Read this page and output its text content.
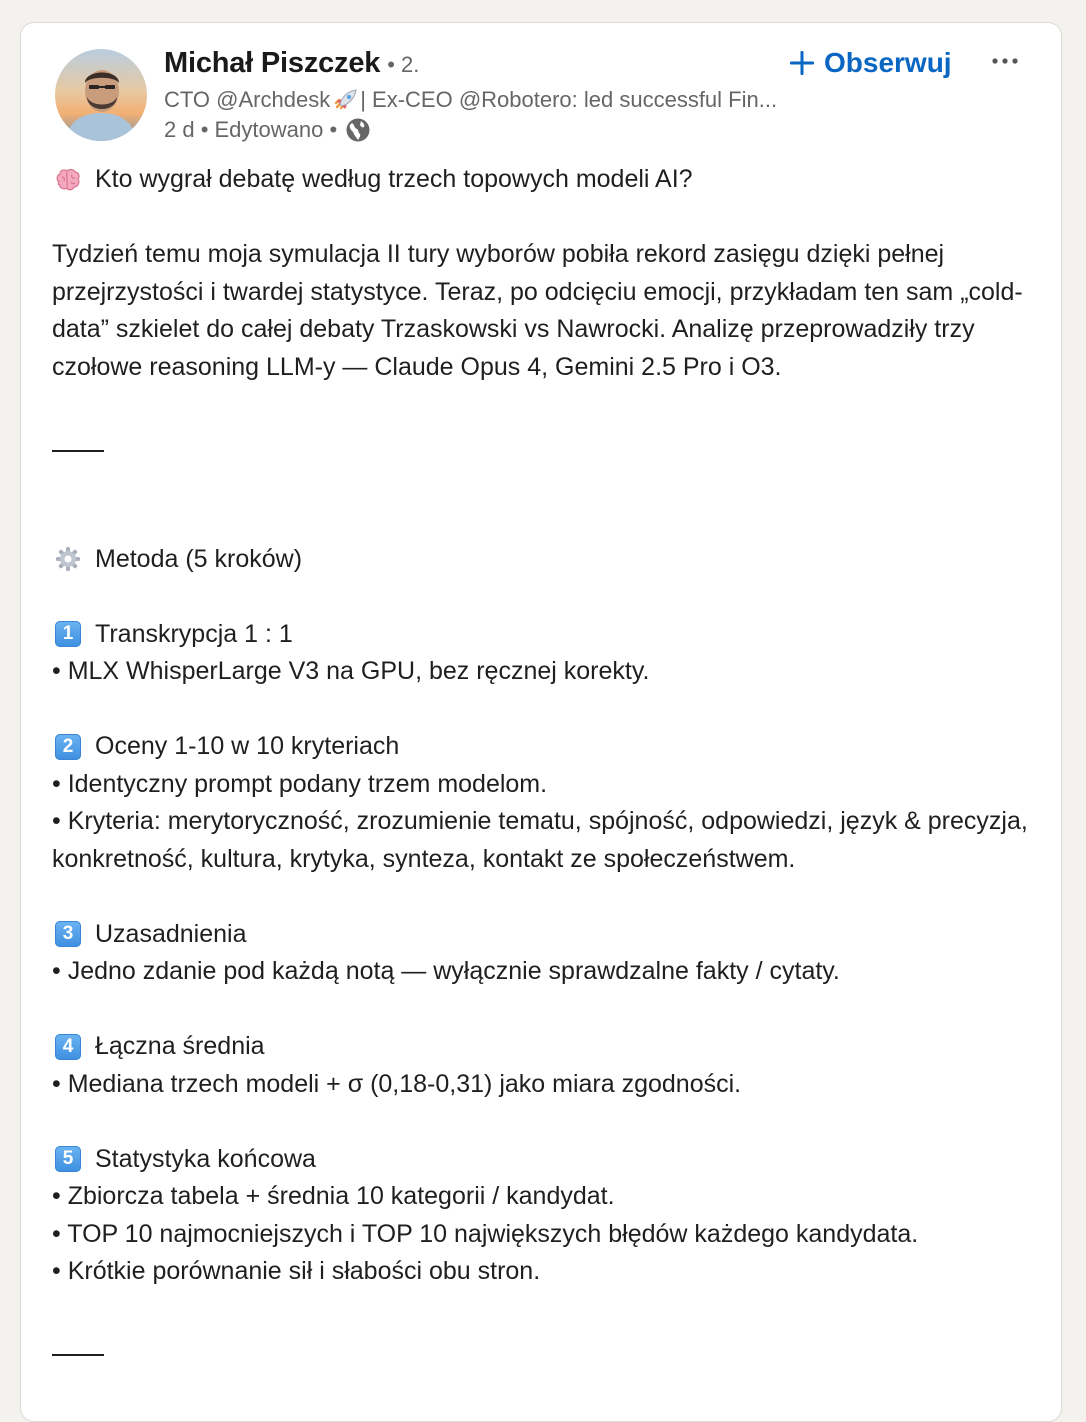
Michał Piszczek • 2.
CTO @Archdesk | Ex-CEO @Robotero: led successful Fin...
2 d • Edytowano •
Obserwuj

Kto wygrał debatę według trzech topowych modeli AI?

Tydzień temu moja symulacja II tury wyborów pobiła rekord zasięgu dzięki pełnej przejrzystości i twardej statystyce. Teraz, po odcięciu emocji, przykładam ten sam „cold-data” szkielet do całej debaty Trzaskowski vs Nawrocki. Analizę przeprowadziły trzy czołowe reasoning LLM-y — Claude Opus 4, Gemini 2.5 Pro i O3.

Metoda (5 kroków)

1 Transkrypcja 1 : 1

• MLX WhisperLarge V3 na GPU, bez ręcznej korekty.

2 Oceny 1-10 w 10 kryteriach

• Identyczny prompt podany trzem modelom.

• Kryteria: merytoryczność, zrozumienie tematu, spójność, odpowiedzi, język & precyzja, konkretność, kultura, krytyka, synteza, kontakt ze społeczeństwem.

3 Uzasadnienia

• Jedno zdanie pod każdą notą — wyłącznie sprawdzalne fakty / cytaty.

4 Łączna średnia

• Mediana trzech modeli + σ (0,18-0,31) jako miara zgodności.

5 Statystyka końcowa

• Zbiorcza tabela + średnia 10 kategorii / kandydat.

• TOP 10 najmocniejszych i TOP 10 największych błędów każdego kandydata.

• Krótkie porównanie sił i słabości obu stron.
